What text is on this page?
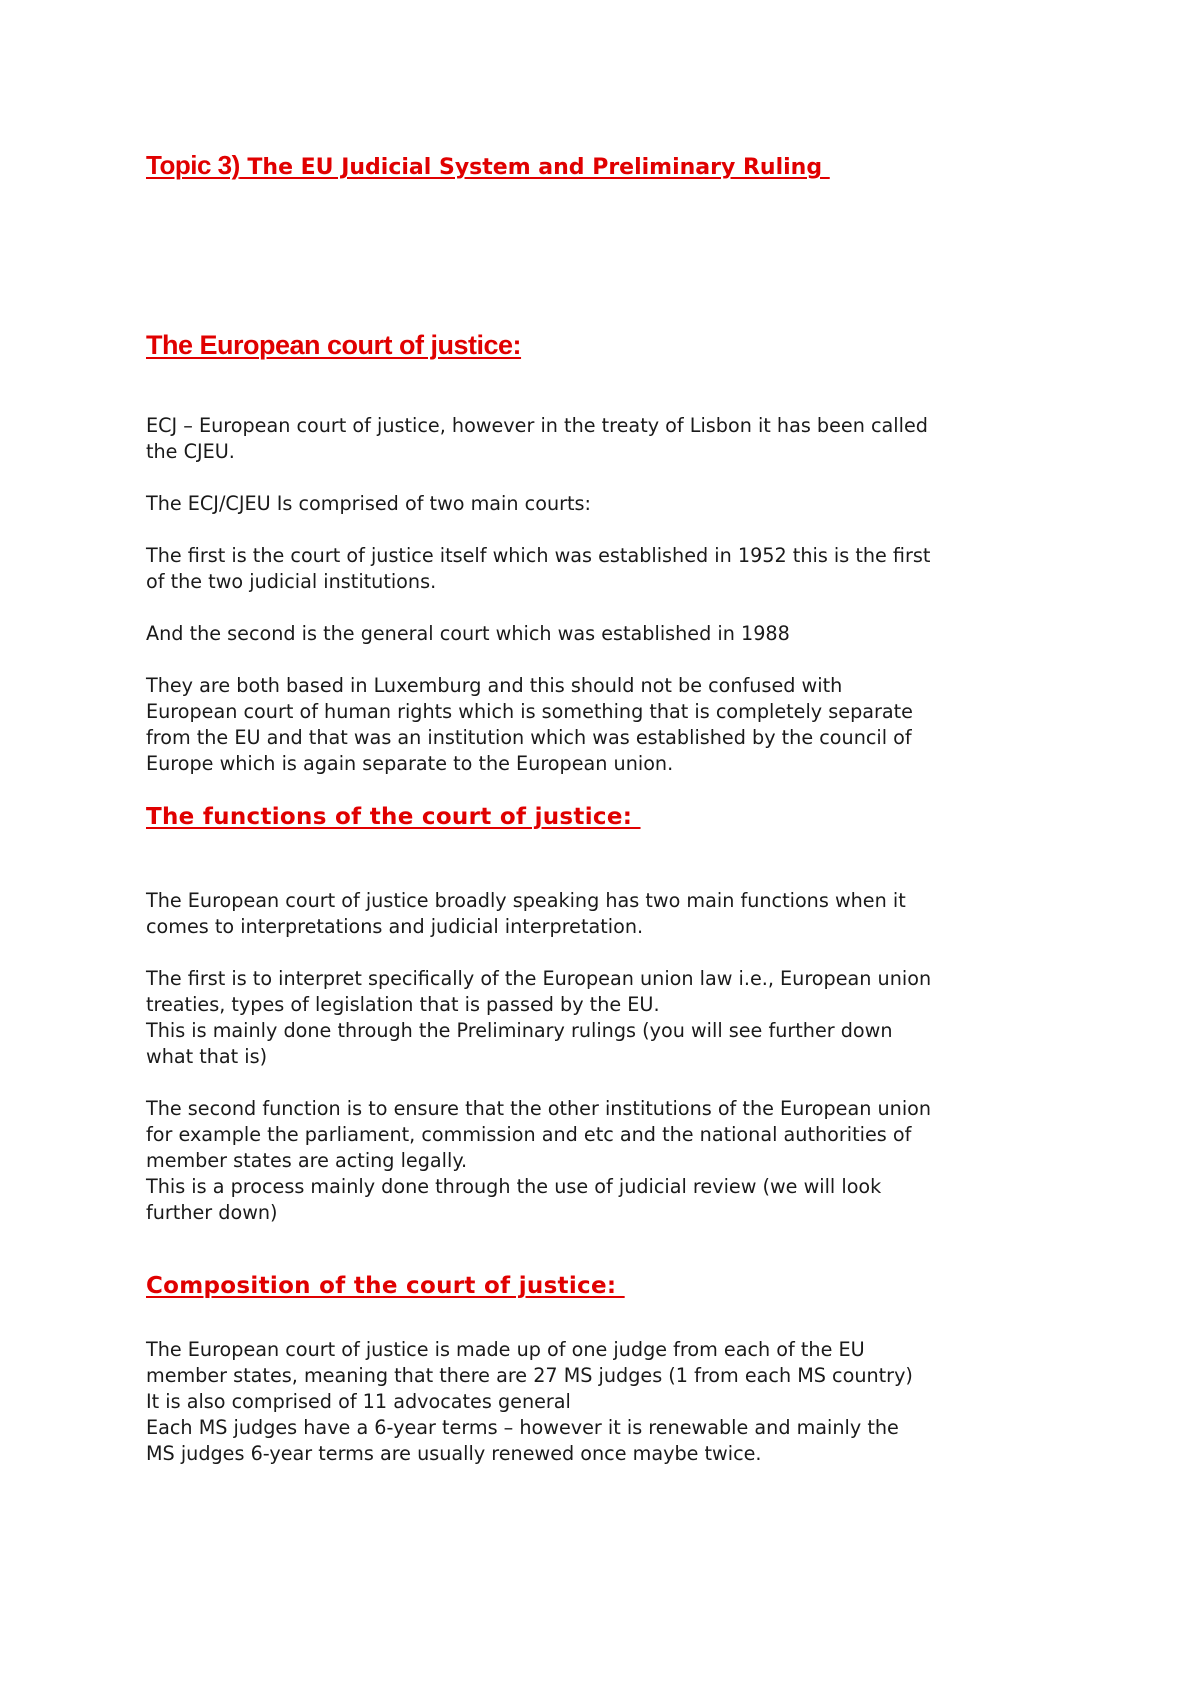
Topic 3) The EU Judicial System and Preliminary Ruling
The European court of justice:
ECJ – European court of justice, however in the treaty of Lisbon it has been called
the CJEU.
The ECJ/CJEU Is comprised of two main courts:
The first is the court of justice itself which was established in 1952 this is the first
of the two judicial institutions.
And the second is the general court which was established in 1988
They are both based in Luxemburg and this should not be confused with
European court of human rights which is something that is completely separate
from the EU and that was an institution which was established by the council of
Europe which is again separate to the European union.
The functions of the court of justice:
The European court of justice broadly speaking has two main functions when it
comes to interpretations and judicial interpretation.
The first is to interpret specifically of the European union law i.e., European union
treaties, types of legislation that is passed by the EU.
This is mainly done through the Preliminary rulings (you will see further down
what that is)
The second function is to ensure that the other institutions of the European union
for example the parliament, commission and etc and the national authorities of
member states are acting legally.
This is a process mainly done through the use of judicial review (we will look
further down)
Composition of the court of justice:
The European court of justice is made up of one judge from each of the EU
member states, meaning that there are 27 MS judges (1 from each MS country)
It is also comprised of 11 advocates general
Each MS judges have a 6-year terms – however it is renewable and mainly the
MS judges 6-year terms are usually renewed once maybe twice.
